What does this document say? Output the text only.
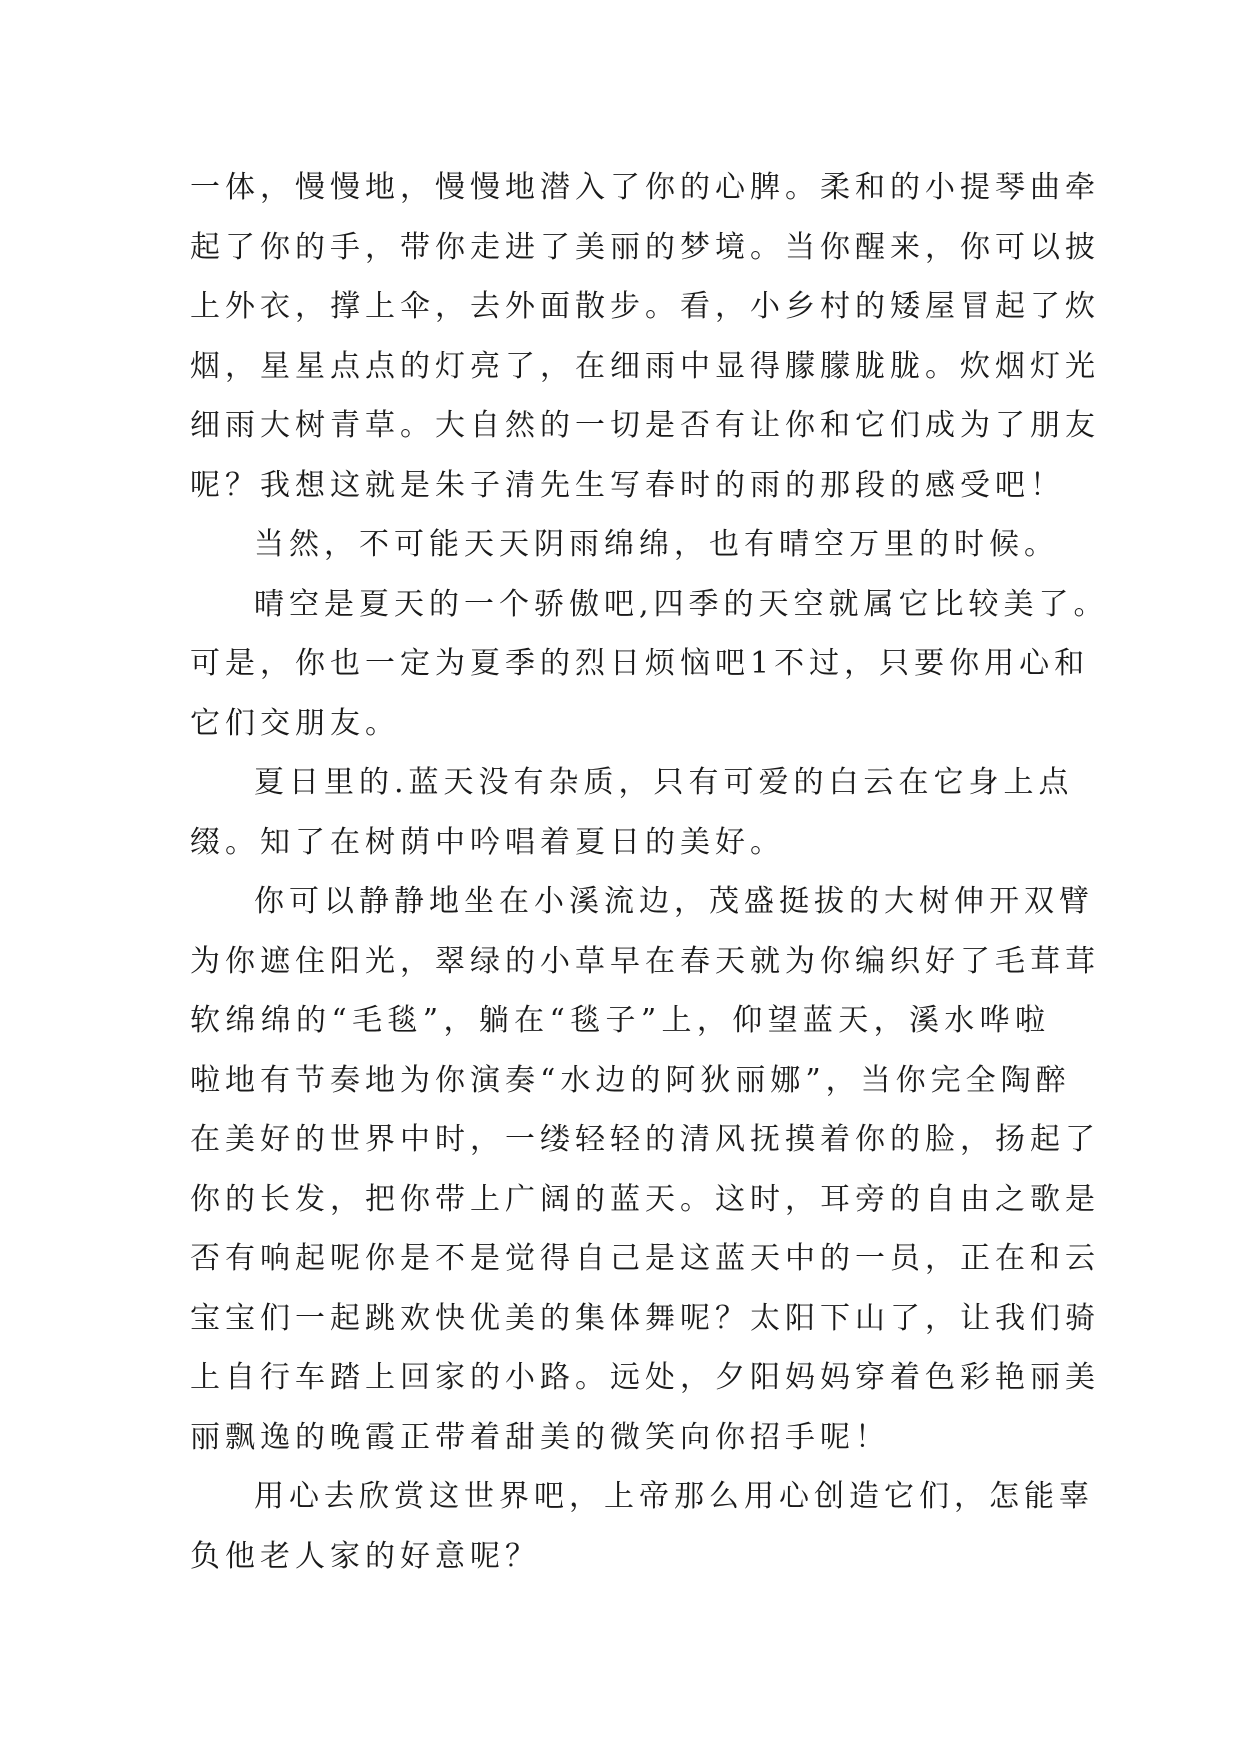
一体，慢慢地，慢慢地潜入了你的心脾。柔和的小提琴曲牵
起了你的手，带你走进了美丽的梦境。当你醒来，你可以披
上外衣，撑上伞，去外面散步。看，小乡村的矮屋冒起了炊
烟，星星点点的灯亮了，在细雨中显得朦朦胧胧。炊烟灯光
细雨大树青草。大自然的一切是否有让你和它们成为了朋友
呢？我想这就是朱子清先生写春时的雨的那段的感受吧！
当然，不可能天天阴雨绵绵，也有晴空万里的时候。
晴空是夏天的一个骄傲吧,四季的天空就属它比较美了。
可是，你也一定为夏季的烈日烦恼吧1不过，只要你用心和
它们交朋友。
夏日里的.蓝天没有杂质，只有可爱的白云在它身上点
缀。知了在树荫中吟唱着夏日的美好。
你可以静静地坐在小溪流边，茂盛挺拔的大树伸开双臂
为你遮住阳光，翠绿的小草早在春天就为你编织好了毛茸茸
软绵绵的“毛毯”，躺在“毯子”上，仰望蓝天，溪水哗啦
啦地有节奏地为你演奏“水边的阿狄丽娜”，当你完全陶醉
在美好的世界中时，一缕轻轻的清风抚摸着你的脸，扬起了
你的长发，把你带上广阔的蓝天。这时，耳旁的自由之歌是
否有响起呢你是不是觉得自己是这蓝天中的一员，正在和云
宝宝们一起跳欢快优美的集体舞呢？太阳下山了，让我们骑
上自行车踏上回家的小路。远处，夕阳妈妈穿着色彩艳丽美
丽飘逸的晚霞正带着甜美的微笑向你招手呢！
用心去欣赏这世界吧，上帝那么用心创造它们，怎能辜
负他老人家的好意呢？
